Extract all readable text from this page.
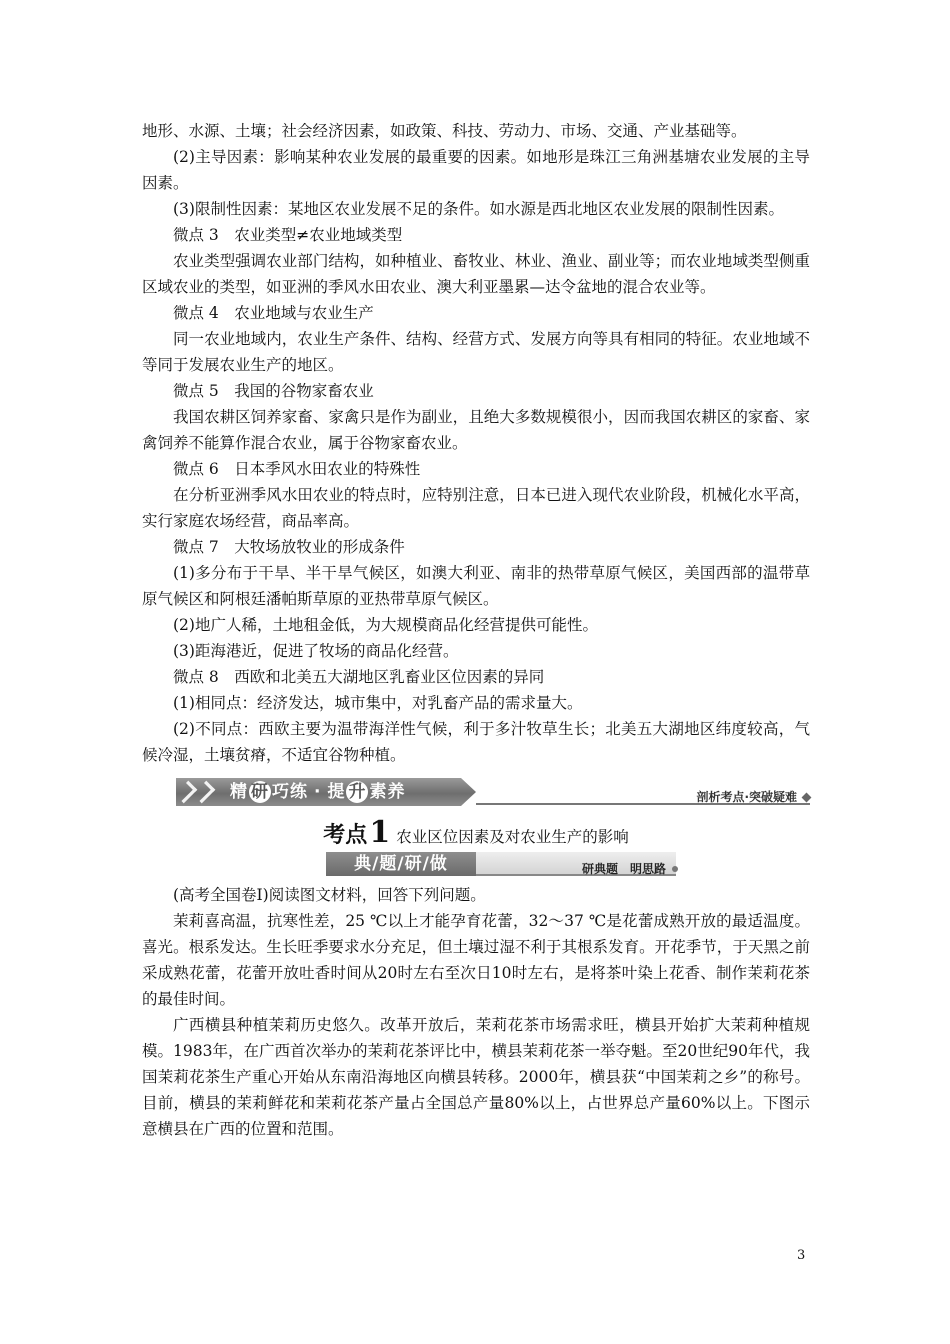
地形、水源、土壤；社会经济因素，如政策、科技、劳动力、市场、交通、产业基础等。

(2)主导因素：影响某种农业发展的最重要的因素。如地形是珠江三角洲基塘农业发展的主导因素。

(3)限制性因素：某地区农业发展不足的条件。如水源是西北地区农业发展的限制性因素。

微点 3　农业类型≠农业地域类型

农业类型强调农业部门结构，如种植业、畜牧业、林业、渔业、副业等；而农业地域类型侧重区域农业的类型，如亚洲的季风水田农业、澳大利亚墨累—达令盆地的混合农业等。

微点 4　农业地域与农业生产

同一农业地域内，农业生产条件、结构、经营方式、发展方向等具有相同的特征。农业地域不等同于发展农业生产的地区。

微点 5　我国的谷物家畜农业

我国农耕区饲养家畜、家禽只是作为副业，且绝大多数规模很小，因而我国农耕区的家畜、家禽饲养不能算作混合农业，属于谷物家畜农业。

微点 6　日本季风水田农业的特殊性

在分析亚洲季风水田农业的特点时，应特别注意，日本已进入现代农业阶段，机械化水平高，实行家庭农场经营，商品率高。

微点 7　大牧场放牧业的形成条件

(1)多分布于干旱、半干旱气候区，如澳大利亚、南非的热带草原气候区，美国西部的温带草原气候区和阿根廷潘帕斯草原的亚热带草原气候区。

(2)地广人稀，土地租金低，为大规模商品化经营提供可能性。

(3)距海港近，促进了牧场的商品化经营。

微点 8　西欧和北美五大湖地区乳畜业区位因素的异同

(1)相同点：经济发达，城市集中，对乳畜产品的需求量大。

(2)不同点：西欧主要为温带海洋性气候，利于多汁牧草生长；北美五大湖地区纬度较高，气候冷湿，土壤贫瘠，不适宜谷物种植。

精 研 巧练 · 提 升 素养	剖析考点·突破疑难
考点1 农业区位因素及对农业生产的影响
典/题/研/做	研典题　明思路

(高考全国卷Ⅰ)阅读图文材料，回答下列问题。

茉莉喜高温，抗寒性差，25 ℃以上才能孕育花蕾，32～37 ℃是花蕾成熟开放的最适温度。喜光。根系发达。生长旺季要求水分充足，但土壤过湿不利于其根系发育。开花季节，于天黑之前采成熟花蕾，花蕾开放吐香时间从20时左右至次日10时左右，是将茶叶染上花香、制作茉莉花茶的最佳时间。

广西横县种植茉莉历史悠久。改革开放后，茉莉花茶市场需求旺，横县开始扩大茉莉种植规模。1983年，在广西首次举办的茉莉花茶评比中，横县茉莉花茶一举夺魁。至20世纪90年代，我国茉莉花茶生产重心开始从东南沿海地区向横县转移。2000年，横县获“中国茉莉之乡”的称号。目前，横县的茉莉鲜花和茉莉花茶产量占全国总产量80%以上，占世界总产量60%以上。下图示意横县在广西的位置和范围。

3
